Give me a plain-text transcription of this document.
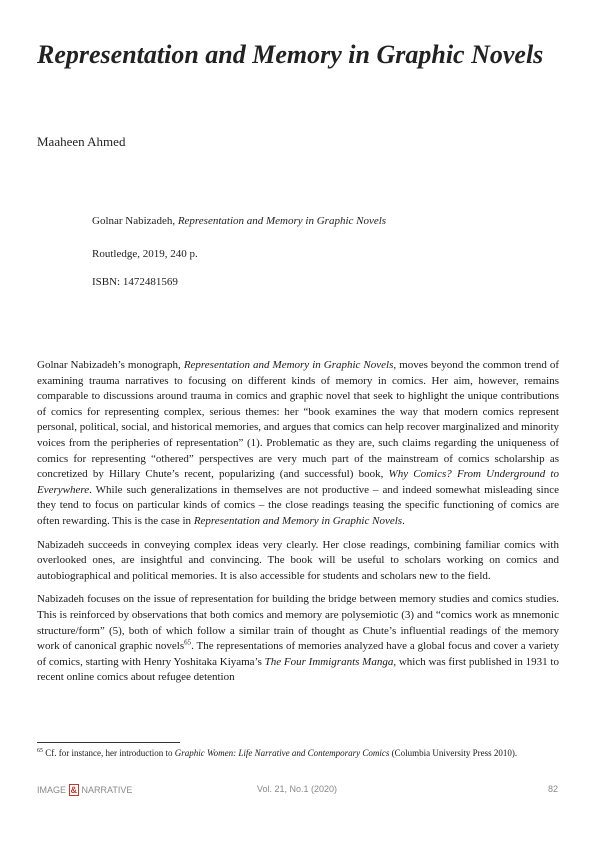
Representation and Memory in Graphic Novels
Maaheen Ahmed
Golnar Nabizadeh, Representation and Memory in Graphic Novels
Routledge, 2019, 240 p.
ISBN: 1472481569

Golnar Nabizadeh’s monograph, Representation and Memory in Graphic Novels, moves beyond the common trend of examining trauma narratives to focusing on different kinds of memory in comics. Her aim, however, remains comparable to discussions around trauma in comics and graphic novel that seek to highlight the unique contributions of comics for representing complex, serious themes: her “book examines the way that modern comics represent personal, political, social, and historical memories, and argues that comics can help recover marginalized and minority voices from the peripheries of representation” (1). Problematic as they are, such claims regarding the uniqueness of comics for representing “othered” perspectives are very much part of the mainstream of comics scholarship as concretized by Hillary Chute’s recent, popularizing (and successful) book, Why Comics? From Underground to Everywhere. While such generalizations in themselves are not productive – and indeed somewhat misleading since they tend to focus on particular kinds of comics – the close readings teasing the specific functioning of comics are often rewarding. This is the case in Representation and Memory in Graphic Novels.

Nabizadeh succeeds in conveying complex ideas very clearly. Her close readings, combining familiar comics with overlooked ones, are insightful and convincing. The book will be useful to scholars working on comics and autobiographical and political memories. It is also accessible for students and scholars new to the field.

Nabizadeh focuses on the issue of representation for building the bridge between memory studies and comics studies. This is reinforced by observations that both comics and memory are polysemiotic (3) and “comics work as mnemonic structure/form” (5), both of which follow a similar train of thought as Chute’s influential readings of the memory work of canonical graphic novels$^{65}$. The representations of memories analyzed have a global focus and cover a variety of comics, starting with Henry Yoshitaka Kiyama’s The Four Immigrants Manga, which was first published in 1931 to recent online comics about refugee detention

$^{65}$ Cf. for instance, her introduction to Graphic Women: Life Narrative and Contemporary Comics (Columbia University Press 2010).
IMAGE & NARRATIVE	Vol. 21, No.1 (2020)	82
